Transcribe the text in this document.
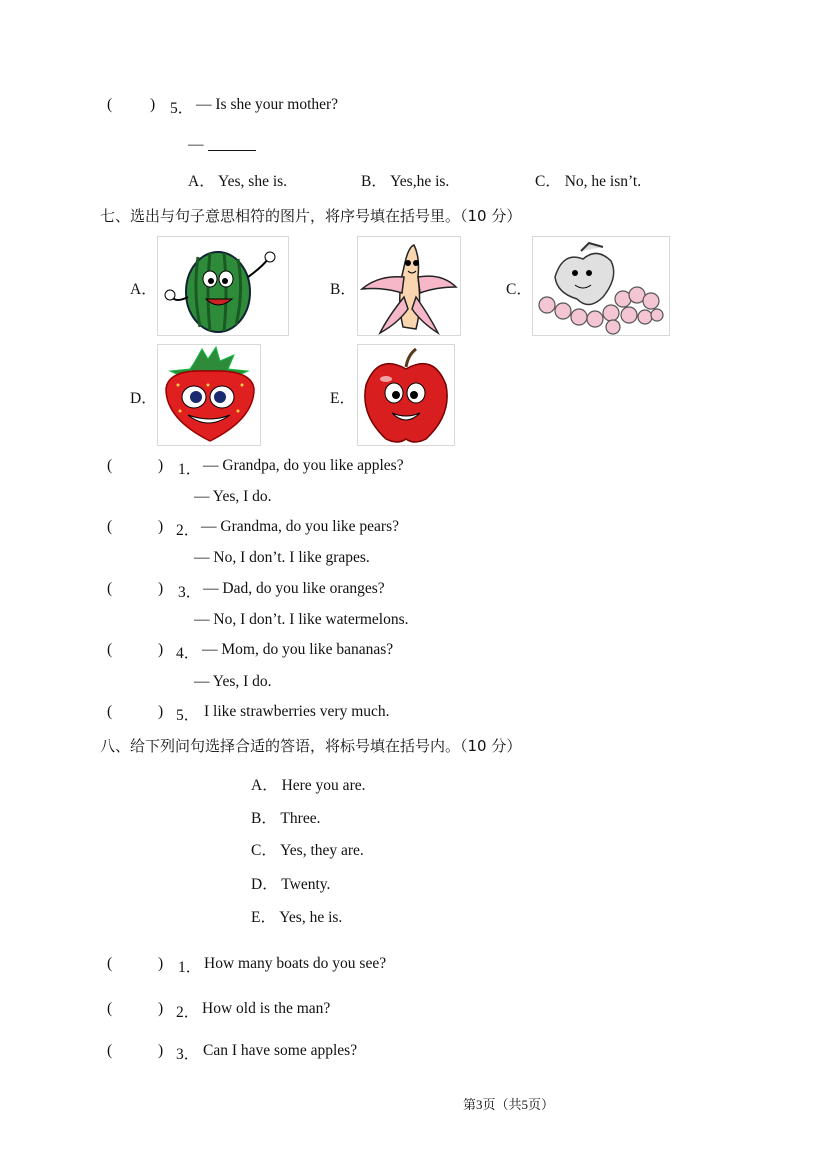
( ) 5． — Is she your mother?
—
A． Yes, she is.	B． Yes,he is.	C． No, he isn’t.
七、选出与句子意思相符的图片，将序号填在括号里。（10 分）
A．	B．	C．
D．	E．
(	) 1． — Grandpa, do you like apples?
— Yes, I do.
(	) 2． — Grandma, do you like pears?
— No, I don’t. I like grapes.
(	) 3． — Dad, do you like oranges?
— No, I don’t. I like watermelons.
(	) 4． — Mom, do you like bananas?
— Yes, I do.
(	) 5． I like strawberries very much.
八、给下列问句选择合适的答语，将标号填在括号内。（10 分）
A． Here you are.
B． Three.
C． Yes, they are.
D． Twenty.
E． Yes, he is.
(	) 1． How many boats do you see?
(	) 2． How old is the man?
(	) 3． Can I have some apples?
第3页（共5页）
